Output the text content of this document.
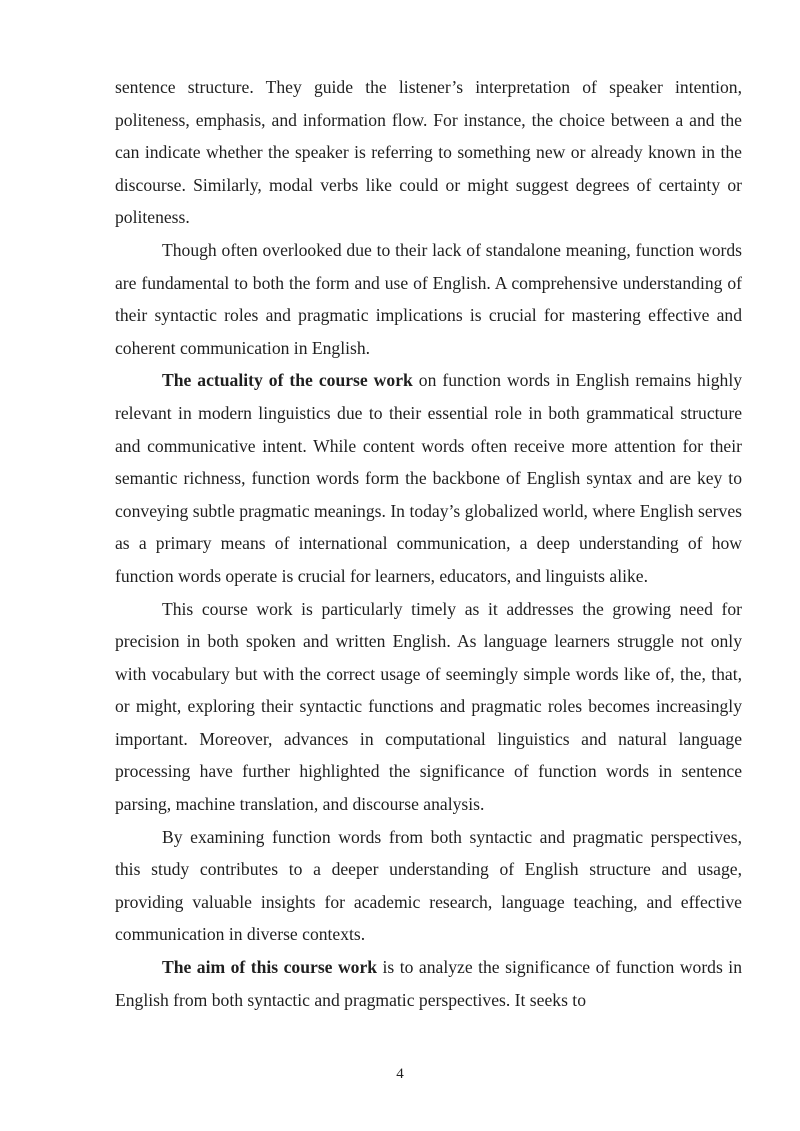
sentence structure. They guide the listener’s interpretation of speaker intention, politeness, emphasis, and information flow. For instance, the choice between a and the can indicate whether the speaker is referring to something new or already known in the discourse. Similarly, modal verbs like could or might suggest degrees of certainty or politeness.

Though often overlooked due to their lack of standalone meaning, function words are fundamental to both the form and use of English. A comprehensive understanding of their syntactic roles and pragmatic implications is crucial for mastering effective and coherent communication in English.

The actuality of the course work on function words in English remains highly relevant in modern linguistics due to their essential role in both grammatical structure and communicative intent. While content words often receive more attention for their semantic richness, function words form the backbone of English syntax and are key to conveying subtle pragmatic meanings. In today’s globalized world, where English serves as a primary means of international communication, a deep understanding of how function words operate is crucial for learners, educators, and linguists alike.

This course work is particularly timely as it addresses the growing need for precision in both spoken and written English. As language learners struggle not only with vocabulary but with the correct usage of seemingly simple words like of, the, that, or might, exploring their syntactic functions and pragmatic roles becomes increasingly important. Moreover, advances in computational linguistics and natural language processing have further highlighted the significance of function words in sentence parsing, machine translation, and discourse analysis.

By examining function words from both syntactic and pragmatic perspectives, this study contributes to a deeper understanding of English structure and usage, providing valuable insights for academic research, language teaching, and effective communication in diverse contexts.

The aim of this course work is to analyze the significance of function words in English from both syntactic and pragmatic perspectives. It seeks to

4
